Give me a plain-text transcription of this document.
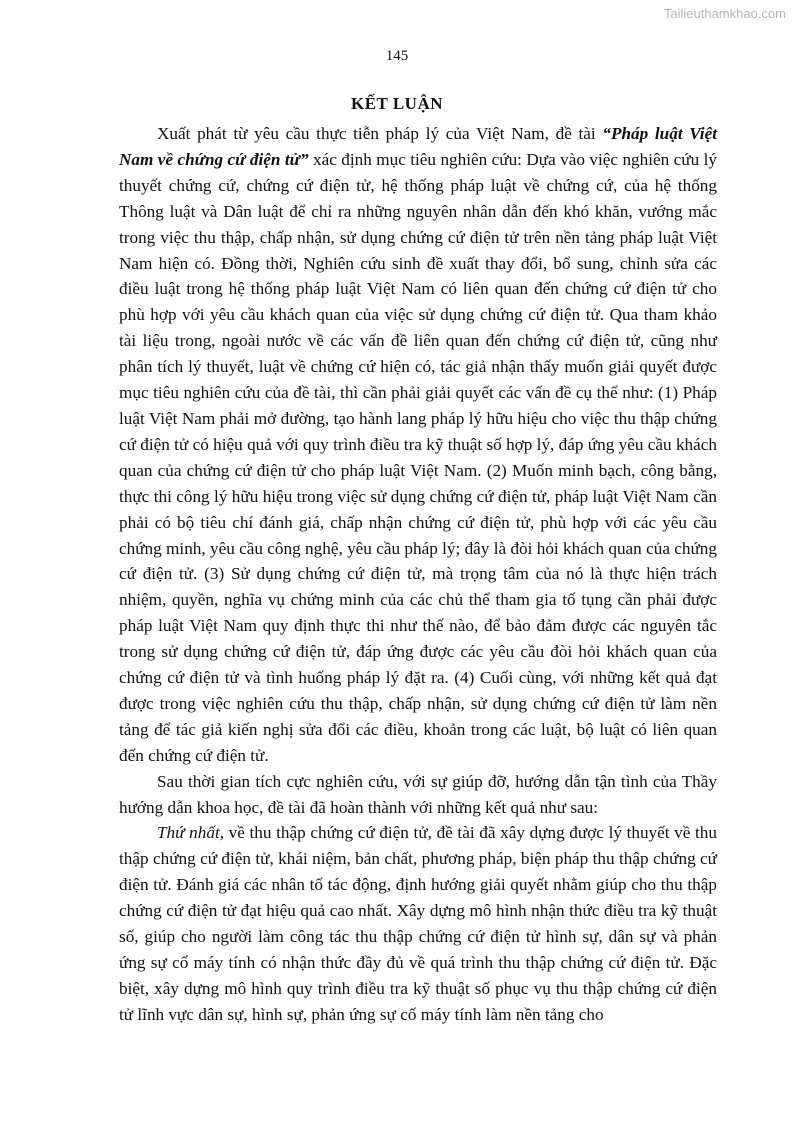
Tailieuthamkhao.com
145
KẾT LUẬN

Xuất phát từ yêu cầu thực tiễn pháp lý của Việt Nam, đề tài “Pháp luật Việt Nam về chứng cứ điện tử” xác định mục tiêu nghiên cứu: Dựa vào việc nghiên cứu lý thuyết chứng cứ, chứng cứ điện tử, hệ thống pháp luật về chứng cứ, của hệ thống Thông luật và Dân luật để chỉ ra những nguyên nhân dẫn đến khó khăn, vướng mắc trong việc thu thập, chấp nhận, sử dụng chứng cứ điện tử trên nền tảng pháp luật Việt Nam hiện có. Đồng thời, Nghiên cứu sinh đề xuất thay đổi, bổ sung, chỉnh sửa các điều luật trong hệ thống pháp luật Việt Nam có liên quan đến chứng cứ điện tử cho phù hợp với yêu cầu khách quan của việc sử dụng chứng cứ điện tử. Qua tham khảo tài liệu trong, ngoài nước về các vấn đề liên quan đến chứng cứ điện tử, cũng như phân tích lý thuyết, luật về chứng cứ hiện có, tác giả nhận thấy muốn giải quyết được mục tiêu nghiên cứu của đề tài, thì cần phải giải quyết các vấn đề cụ thể như: (1) Pháp luật Việt Nam phải mở đường, tạo hành lang pháp lý hữu hiệu cho việc thu thập chứng cứ điện tử có hiệu quả với quy trình điều tra kỹ thuật số hợp lý, đáp ứng yêu cầu khách quan của chứng cứ điện tử cho pháp luật Việt Nam. (2) Muốn minh bạch, công bằng, thực thi công lý hữu hiệu trong việc sử dụng chứng cứ điện tử, pháp luật Việt Nam cần phải có bộ tiêu chí đánh giá, chấp nhận chứng cứ điện tử, phù hợp với các yêu cầu chứng minh, yêu cầu công nghệ, yêu cầu pháp lý; đây là đòi hỏi khách quan của chứng cứ điện tử. (3) Sử dụng chứng cứ điện tử, mà trọng tâm của nó là thực hiện trách nhiệm, quyền, nghĩa vụ chứng minh của các chủ thể tham gia tố tụng cần phải được pháp luật Việt Nam quy định thực thi như thế nào, để bảo đảm được các nguyên tắc trong sử dụng chứng cứ điện tử, đáp ứng được các yêu cầu đòi hỏi khách quan của chứng cứ điện tử và tình huống pháp lý đặt ra. (4) Cuối cùng, với những kết quả đạt được trong việc nghiên cứu thu thập, chấp nhận, sử dụng chứng cứ điện tử làm nền tảng để tác giả kiến nghị sửa đổi các điều, khoản trong các luật, bộ luật có liên quan đến chứng cứ điện tử.

Sau thời gian tích cực nghiên cứu, với sự giúp đỡ, hướng dẫn tận tình của Thầy hướng dẫn khoa học, đề tài đã hoàn thành với những kết quả như sau:

Thứ nhất, về thu thập chứng cứ điện tử, đề tài đã xây dựng được lý thuyết về thu thập chứng cứ điện tử, khái niệm, bản chất, phương pháp, biện pháp thu thập chứng cứ điện tử. Đánh giá các nhân tố tác động, định hướng giải quyết nhằm giúp cho thu thập chứng cứ điện tử đạt hiệu quả cao nhất. Xây dựng mô hình nhận thức điều tra kỹ thuật số, giúp cho người làm công tác thu thập chứng cứ điện tử hình sự, dân sự và phản ứng sự cố máy tính có nhận thức đầy đủ về quá trình thu thập chứng cứ điện tử. Đặc biệt, xây dựng mô hình quy trình điều tra kỹ thuật số phục vụ thu thập chứng cứ điện tử lĩnh vực dân sự, hình sự, phản ứng sự cố máy tính làm nền tảng cho
